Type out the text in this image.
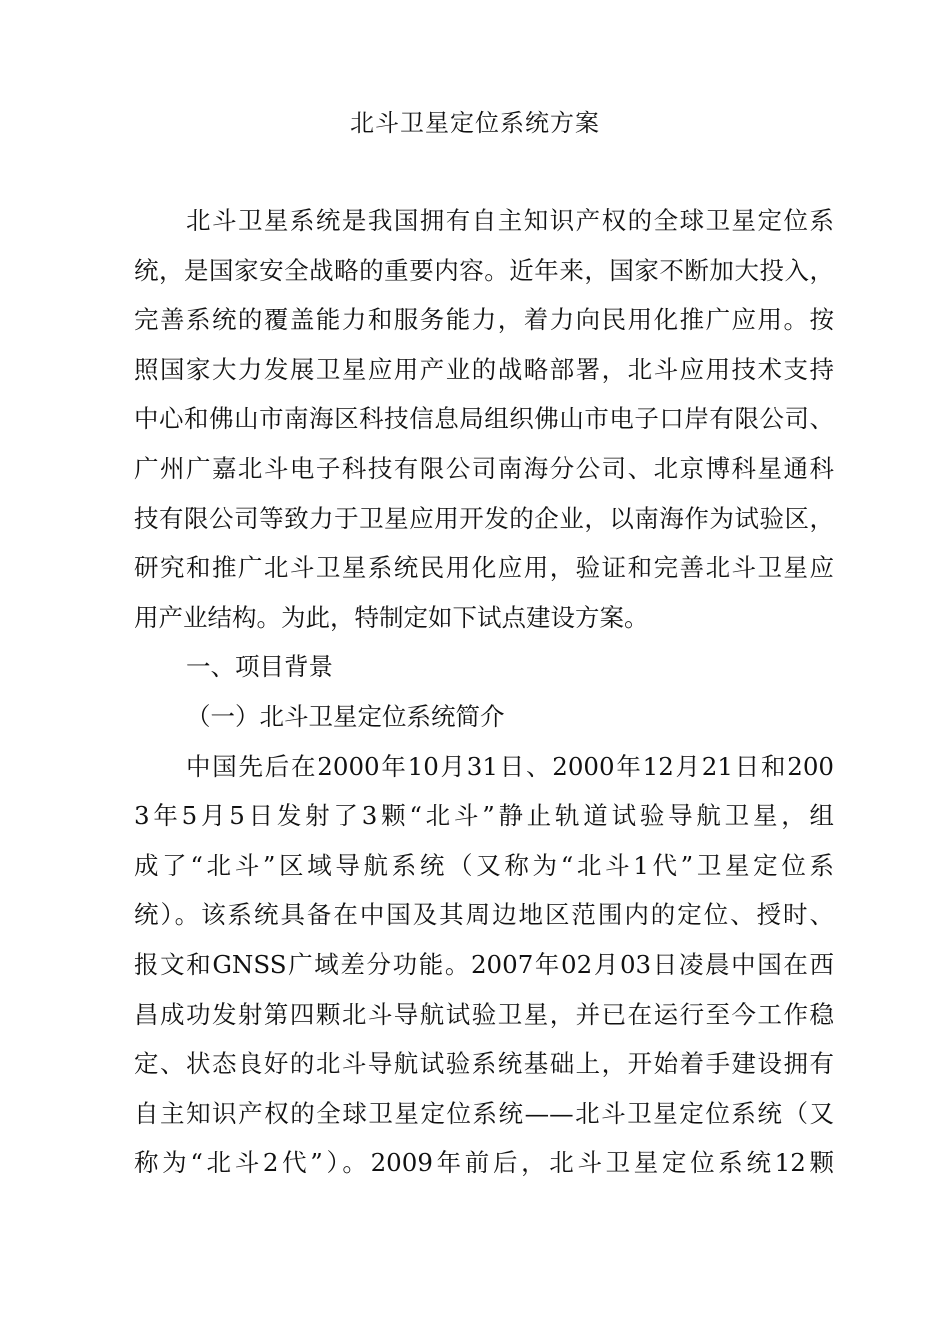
北斗卫星定位系统方案
北斗卫星系统是我国拥有自主知识产权的全球卫星定位系
统，是国家安全战略的重要内容。近年来，国家不断加大投入，
完善系统的覆盖能力和服务能力，着力向民用化推广应用。按
照国家大力发展卫星应用产业的战略部署，北斗应用技术支持
中心和佛山市南海区科技信息局组织佛山市电子口岸有限公司、
广州广嘉北斗电子科技有限公司南海分公司、北京博科星通科
技有限公司等致力于卫星应用开发的企业，以南海作为试验区，
研究和推广北斗卫星系统民用化应用，验证和完善北斗卫星应
用产业结构。为此，特制定如下试点建设方案。
一、项目背景
（一）北斗卫星定位系统简介
中国先后在2000年10月31日、2000年12月21日和200
3年5月5日发射了3颗“北斗”静止轨道试验导航卫星，组
成了“北斗”区域导航系统（又称为“北斗1代”卫星定位系
统）。该系统具备在中国及其周边地区范围内的定位、授时、
报文和GNSS广域差分功能。2007年02月03日凌晨中国在西
昌成功发射第四颗北斗导航试验卫星，并已在运行至今工作稳
定、状态良好的北斗导航试验系统基础上，开始着手建设拥有
自主知识产权的全球卫星定位系统——北斗卫星定位系统（又
称为“北斗2代”）。2009年前后，北斗卫星定位系统12颗
